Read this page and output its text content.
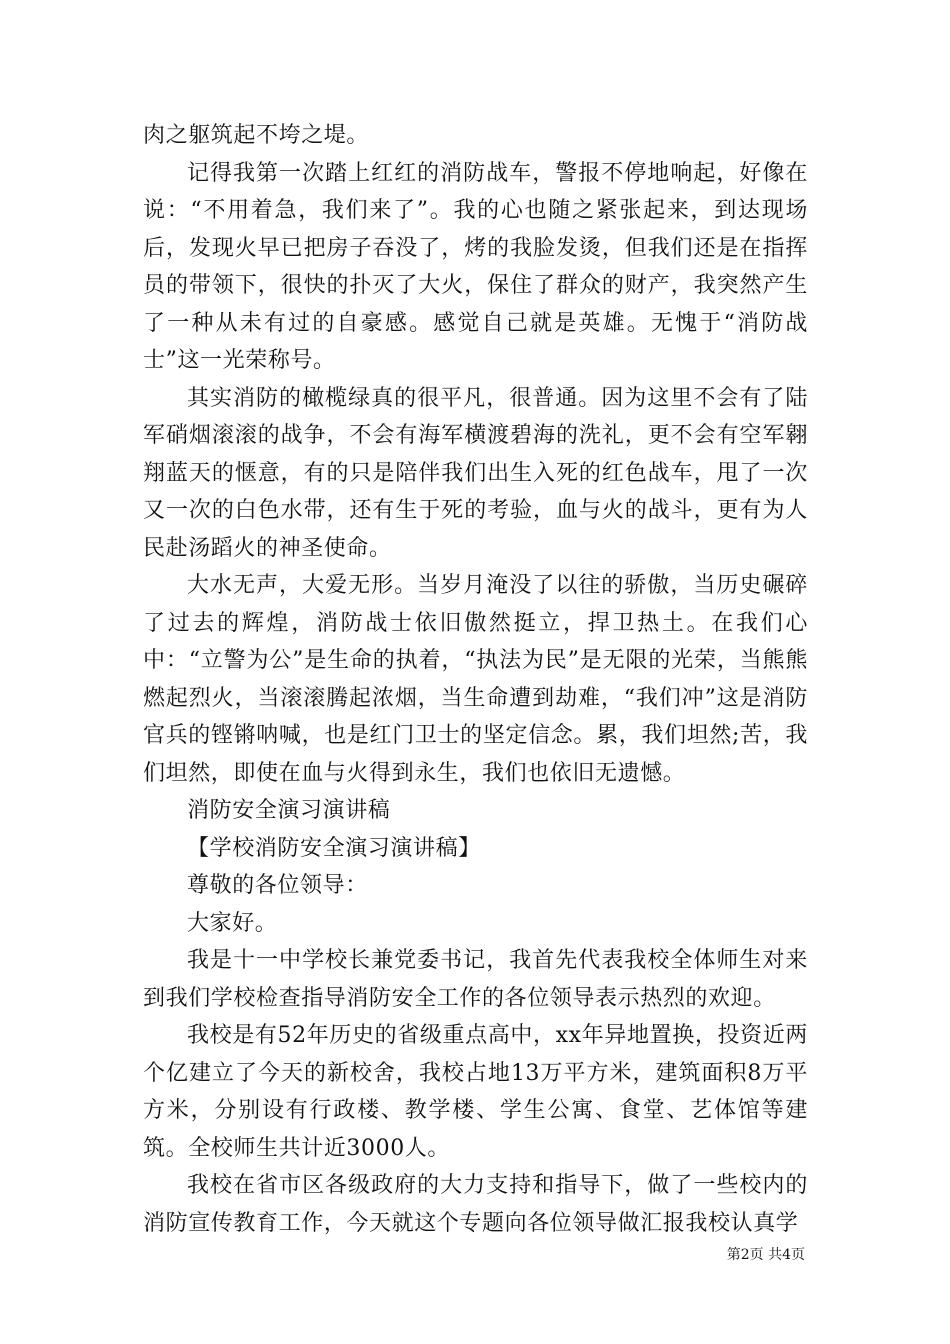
肉之躯筑起不垮之堤。

记得我第一次踏上红红的消防战车，警报不停地响起，好像在说：“不用着急，我们来了”。我的心也随之紧张起来，到达现场后，发现火早已把房子吞没了，烤的我脸发烫，但我们还是在指挥员的带领下，很快的扑灭了大火，保住了群众的财产，我突然产生了一种从未有过的自豪感。感觉自己就是英雄。无愧于“消防战士”这一光荣称号。

其实消防的橄榄绿真的很平凡，很普通。因为这里不会有了陆军硝烟滚滚的战争，不会有海军横渡碧海的洗礼，更不会有空军翱翔蓝天的惬意，有的只是陪伴我们出生入死的红色战车，甩了一次又一次的白色水带，还有生于死的考验，血与火的战斗，更有为人民赴汤蹈火的神圣使命。

大水无声，大爱无形。当岁月淹没了以往的骄傲，当历史碾碎了过去的辉煌，消防战士依旧傲然挺立，捍卫热土。在我们心中：“立警为公”是生命的执着，“执法为民”是无限的光荣，当熊熊燃起烈火，当滚滚腾起浓烟，当生命遭到劫难，“我们冲”这是消防官兵的铿锵呐喊，也是红门卫士的坚定信念。累，我们坦然;苦，我们坦然，即使在血与火得到永生，我们也依旧无遗憾。

消防安全演习演讲稿

【学校消防安全演习演讲稿】

尊敬的各位领导：

大家好。

我是十一中学校长兼党委书记，我首先代表我校全体师生对来到我们学校检查指导消防安全工作的各位领导表示热烈的欢迎。

我校是有52年历史的省级重点高中，xx年异地置换，投资近两个亿建立了今天的新校舍，我校占地13万平方米，建筑面积8万平方米，分别设有行政楼、教学楼、学生公寓、食堂、艺体馆等建筑。全校师生共计近3000人。

我校在省市区各级政府的大力支持和指导下，做了一些校内的消防宣传教育工作，今天就这个专题向各位领导做汇报我校认真学

第2页 共4页
